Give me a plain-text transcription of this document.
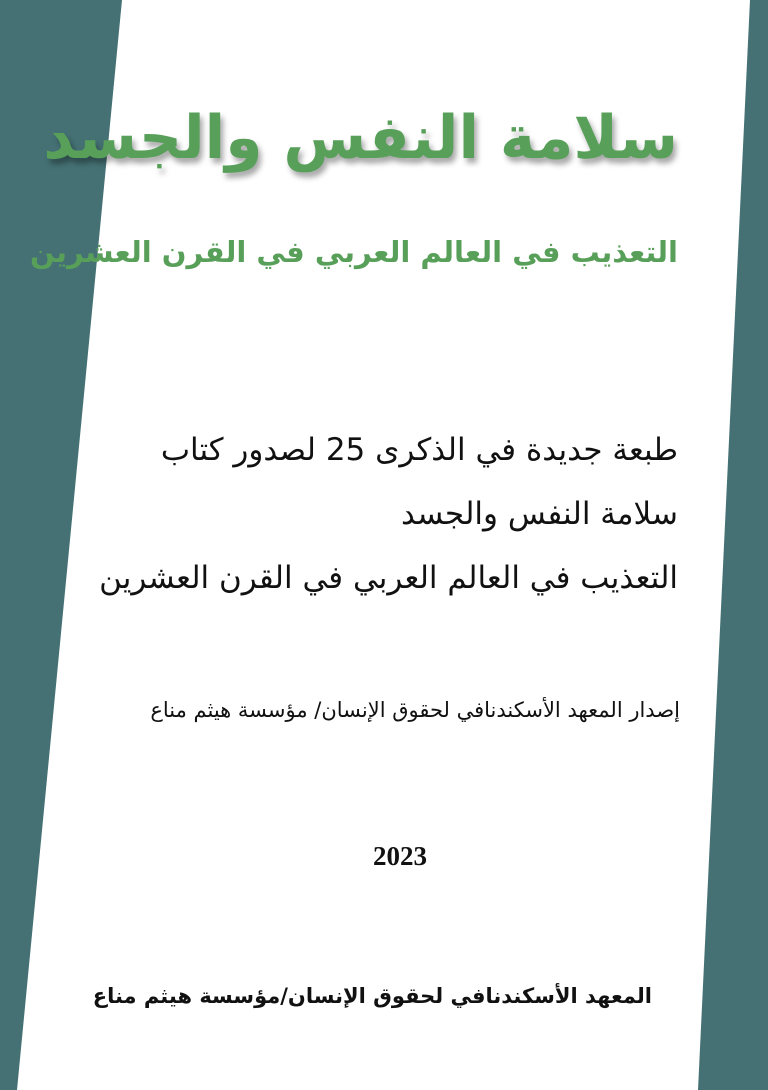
سلامة النفس والجسد
التعذيب في العالم العربي في القرن العشرين
طبعة جديدة في الذكرى 25 لصدور كتاب
سلامة النفس والجسد
التعذيب في العالم العربي في القرن العشرين
إصدار المعهد الأسكندنافي لحقوق الإنسان/ مؤسسة هيثم مناع
2023
المعهد الأسكندنافي لحقوق الإنسان/مؤسسة هيثم مناع
